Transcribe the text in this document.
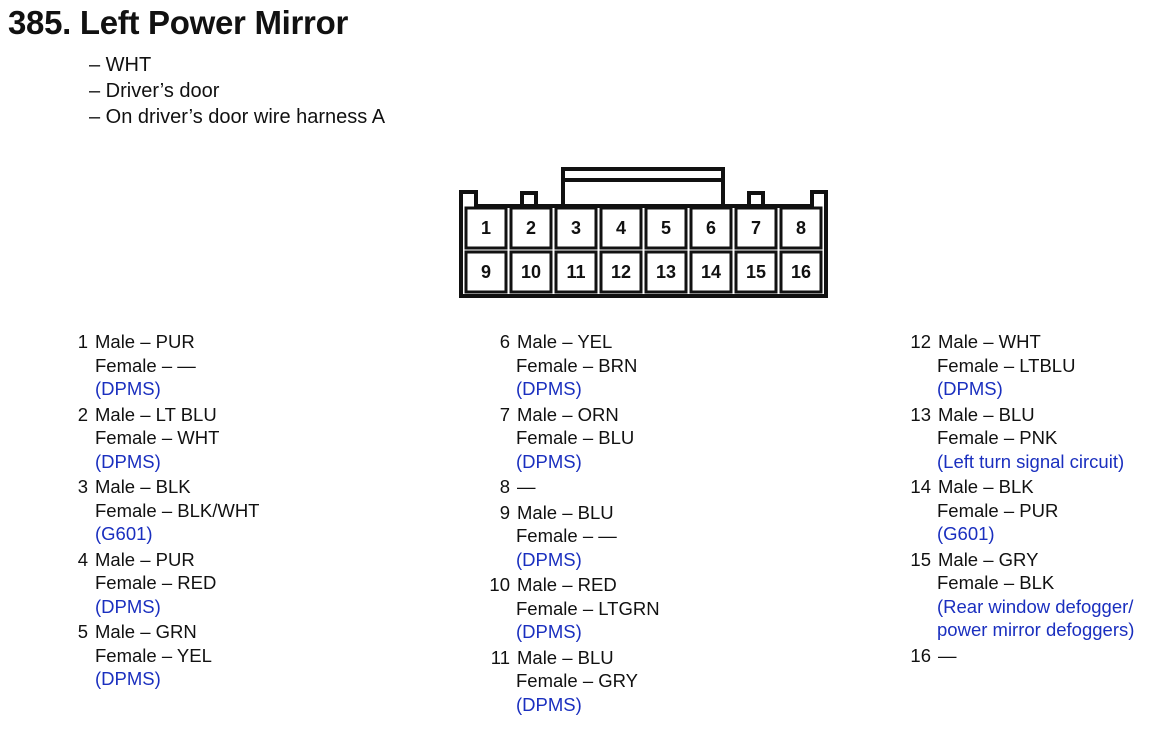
385. Left Power Mirror
– WHT
– Driver’s door
– On driver’s door wire harness A
1 2 3 4 5 6 7 8
9 10 11 12 13 14 15 16
1 Male – PUR
Female – —
(DPMS)
2 Male – LT BLU
Female – WHT
(DPMS)
3 Male – BLK
Female – BLK/WHT
(G601)
4 Male – PUR
Female – RED
(DPMS)
5 Male – GRN
Female – YEL
(DPMS)
6 Male – YEL
Female – BRN
(DPMS)
7 Male – ORN
Female – BLU
(DPMS)
8 —
9 Male – BLU
Female – —
(DPMS)
10 Male – RED
Female – LTGRN
(DPMS)
11 Male – BLU
Female – GRY
(DPMS)
12 Male – WHT
Female – LTBLU
(DPMS)
13 Male – BLU
Female – PNK
(Left turn signal circuit)
14 Male – BLK
Female – PUR
(G601)
15 Male – GRY
Female – BLK
(Rear window defogger/
power mirror defoggers)
16 —
